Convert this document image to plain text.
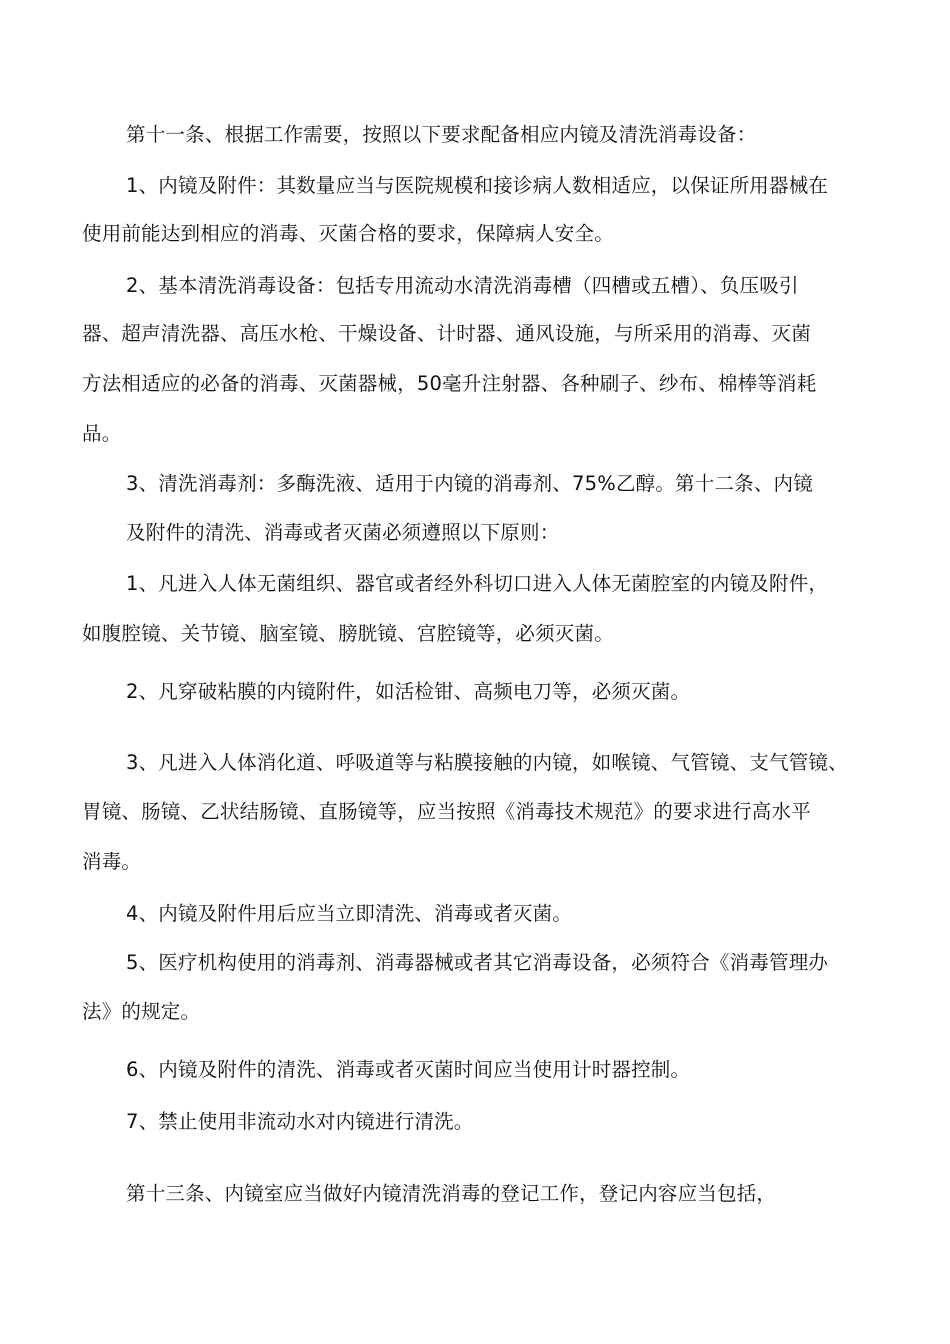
第十一条、根据工作需要，按照以下要求配备相应内镜及清洗消毒设备：
1、内镜及附件：其数量应当与医院规模和接诊病人数相适应，以保证所用器械在
使用前能达到相应的消毒、灭菌合格的要求，保障病人安全。
2、基本清洗消毒设备：包括专用流动水清洗消毒槽（四槽或五槽）、负压吸引
器、超声清洗器、高压水枪、干燥设备、计时器、通风设施，与所采用的消毒、灭菌
方法相适应的必备的消毒、灭菌器械，50毫升注射器、各种刷子、纱布、棉棒等消耗
品。
3、清洗消毒剂：多酶洗液、适用于内镜的消毒剂、75%乙醇。第十二条、内镜
及附件的清洗、消毒或者灭菌必须遵照以下原则：
1、凡进入人体无菌组织、器官或者经外科切口进入人体无菌腔室的内镜及附件，
如腹腔镜、关节镜、脑室镜、膀胱镜、宫腔镜等，必须灭菌。
2、凡穿破粘膜的内镜附件，如活检钳、高频电刀等，必须灭菌。
3、凡进入人体消化道、呼吸道等与粘膜接触的内镜，如喉镜、气管镜、支气管镜、
胃镜、肠镜、乙状结肠镜、直肠镜等，应当按照《消毒技术规范》的要求进行高水平
消毒。
4、内镜及附件用后应当立即清洗、消毒或者灭菌。
5、医疗机构使用的消毒剂、消毒器械或者其它消毒设备，必须符合《消毒管理办
法》的规定。
6、内镜及附件的清洗、消毒或者灭菌时间应当使用计时器控制。
7、禁止使用非流动水对内镜进行清洗。
第十三条、内镜室应当做好内镜清洗消毒的登记工作，登记内容应当包括，
